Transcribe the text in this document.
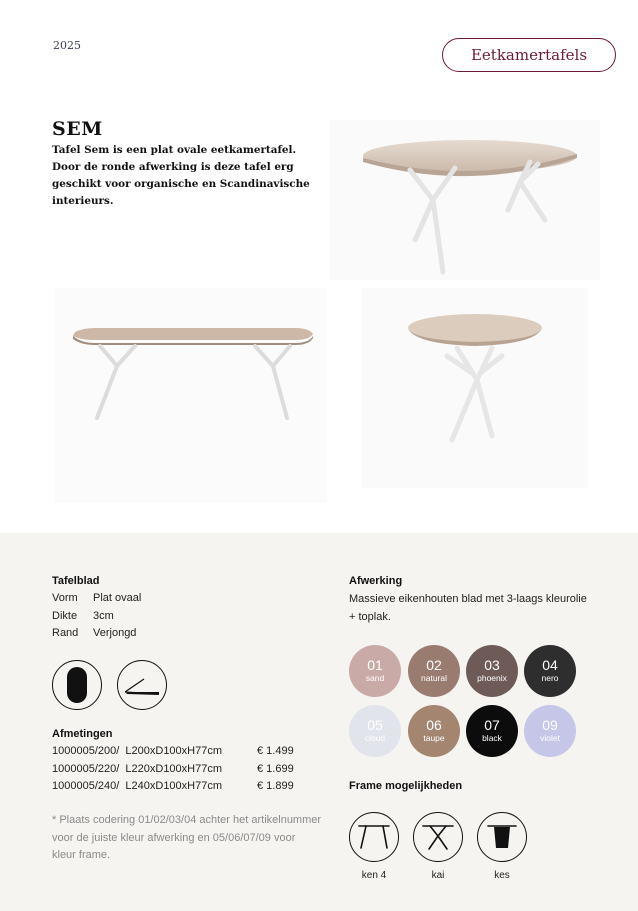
2025
Eetkamertafels
SEM
Tafel Sem is een plat ovale eetkamertafel. Door de ronde afwerking is deze tafel erg geschikt voor organische en Scandinavische interieurs.
Tafelblad
Vorm Plat ovaal
Dikte 3cm
Rand Verjongd
Afmetingen
1000005/200/  L200xD100xH77cm	€ 1.499
1000005/220/  L220xD100xH77cm	€ 1.699
1000005/240/  L240xD100xH77cm	€ 1.899
* Plaats codering 01/02/03/04 achter het artikelnummer voor de juiste kleur afwerking en 05/06/07/09 voor kleur frame.
Afwerking
Massieve eikenhouten blad met 3-laags kleurolie + toplak.
01
sand
02
natural
03
phoenix
04
nero
05
cloud
06
taupe
07
black
09
violet
Frame mogelijkheden
ken 4	kai	kes
